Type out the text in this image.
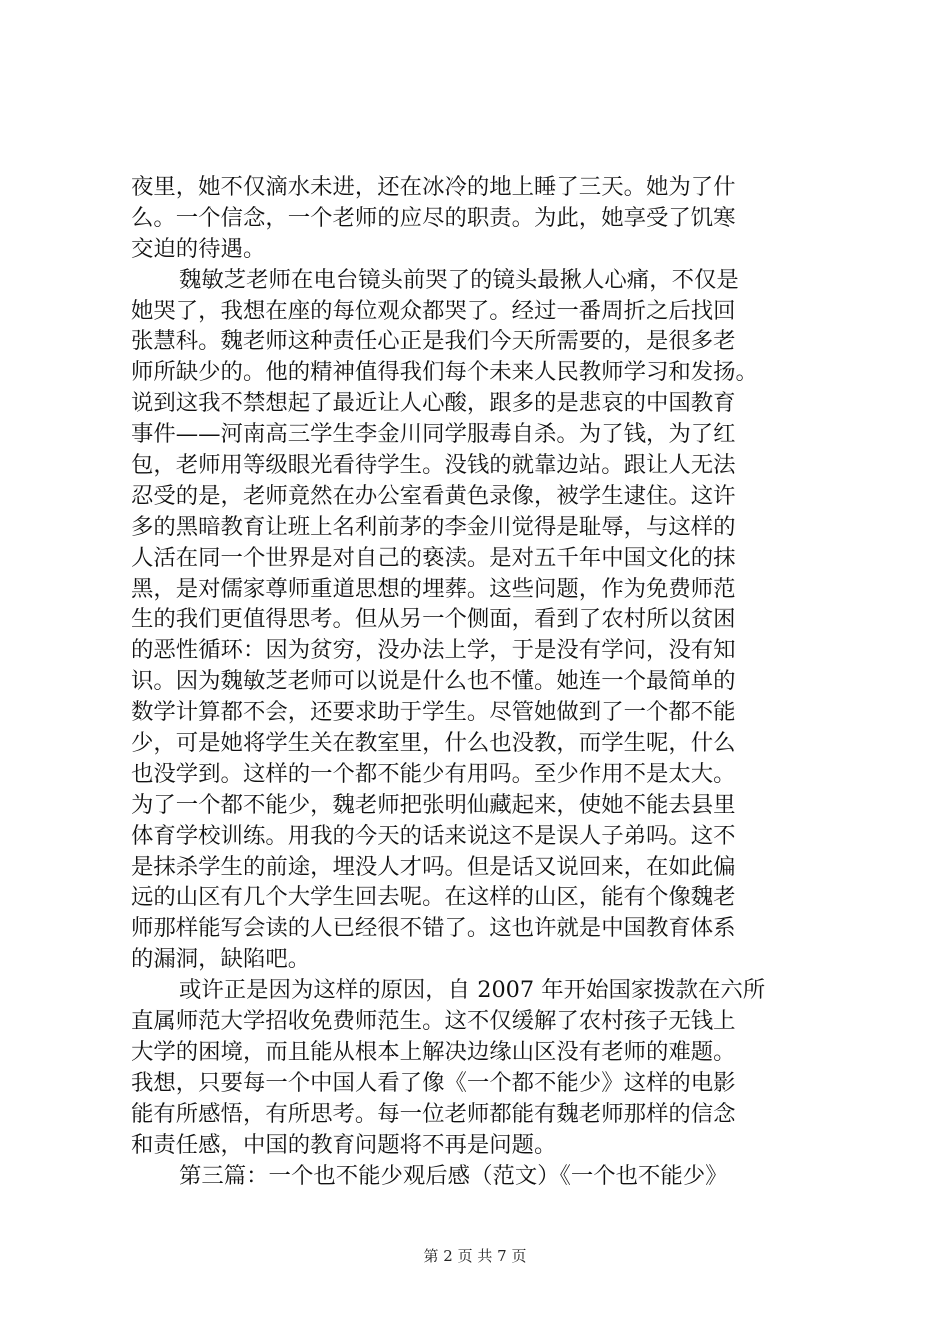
夜里，她不仅滴水未进，还在冰冷的地上睡了三天。她为了什
么。一个信念，一个老师的应尽的职责。为此，她享受了饥寒
交迫的待遇。
魏敏芝老师在电台镜头前哭了的镜头最揪人心痛，不仅是
她哭了，我想在座的每位观众都哭了。经过一番周折之后找回
张慧科。魏老师这种责任心正是我们今天所需要的，是很多老
师所缺少的。他的精神值得我们每个未来人民教师学习和发扬。
说到这我不禁想起了最近让人心酸，跟多的是悲哀的中国教育
事件——河南高三学生李金川同学服毒自杀。为了钱，为了红
包，老师用等级眼光看待学生。没钱的就靠边站。跟让人无法
忍受的是，老师竟然在办公室看黄色录像，被学生逮住。这许
多的黑暗教育让班上名利前茅的李金川觉得是耻辱，与这样的
人活在同一个世界是对自己的亵渎。是对五千年中国文化的抹
黑，是对儒家尊师重道思想的埋葬。这些问题，作为免费师范
生的我们更值得思考。但从另一个侧面，看到了农村所以贫困
的恶性循环：因为贫穷，没办法上学，于是没有学问，没有知
识。因为魏敏芝老师可以说是什么也不懂。她连一个最简单的
数学计算都不会，还要求助于学生。尽管她做到了一个都不能
少，可是她将学生关在教室里，什么也没教，而学生呢，什么
也没学到。这样的一个都不能少有用吗。至少作用不是太大。
为了一个都不能少，魏老师把张明仙藏起来，使她不能去县里
体育学校训练。用我的今天的话来说这不是误人子弟吗。这不
是抹杀学生的前途，埋没人才吗。但是话又说回来，在如此偏
远的山区有几个大学生回去呢。在这样的山区，能有个像魏老
师那样能写会读的人已经很不错了。这也许就是中国教育体系
的漏洞，缺陷吧。
或许正是因为这样的原因，自 2007 年开始国家拨款在六所
直属师范大学招收免费师范生。这不仅缓解了农村孩子无钱上
大学的困境，而且能从根本上解决边缘山区没有老师的难题。
我想，只要每一个中国人看了像《一个都不能少》这样的电影
能有所感悟，有所思考。每一位老师都能有魏老师那样的信念
和责任感，中国的教育问题将不再是问题。
第三篇：一个也不能少观后感（范文）《一个也不能少》
第 2 页 共 7 页
